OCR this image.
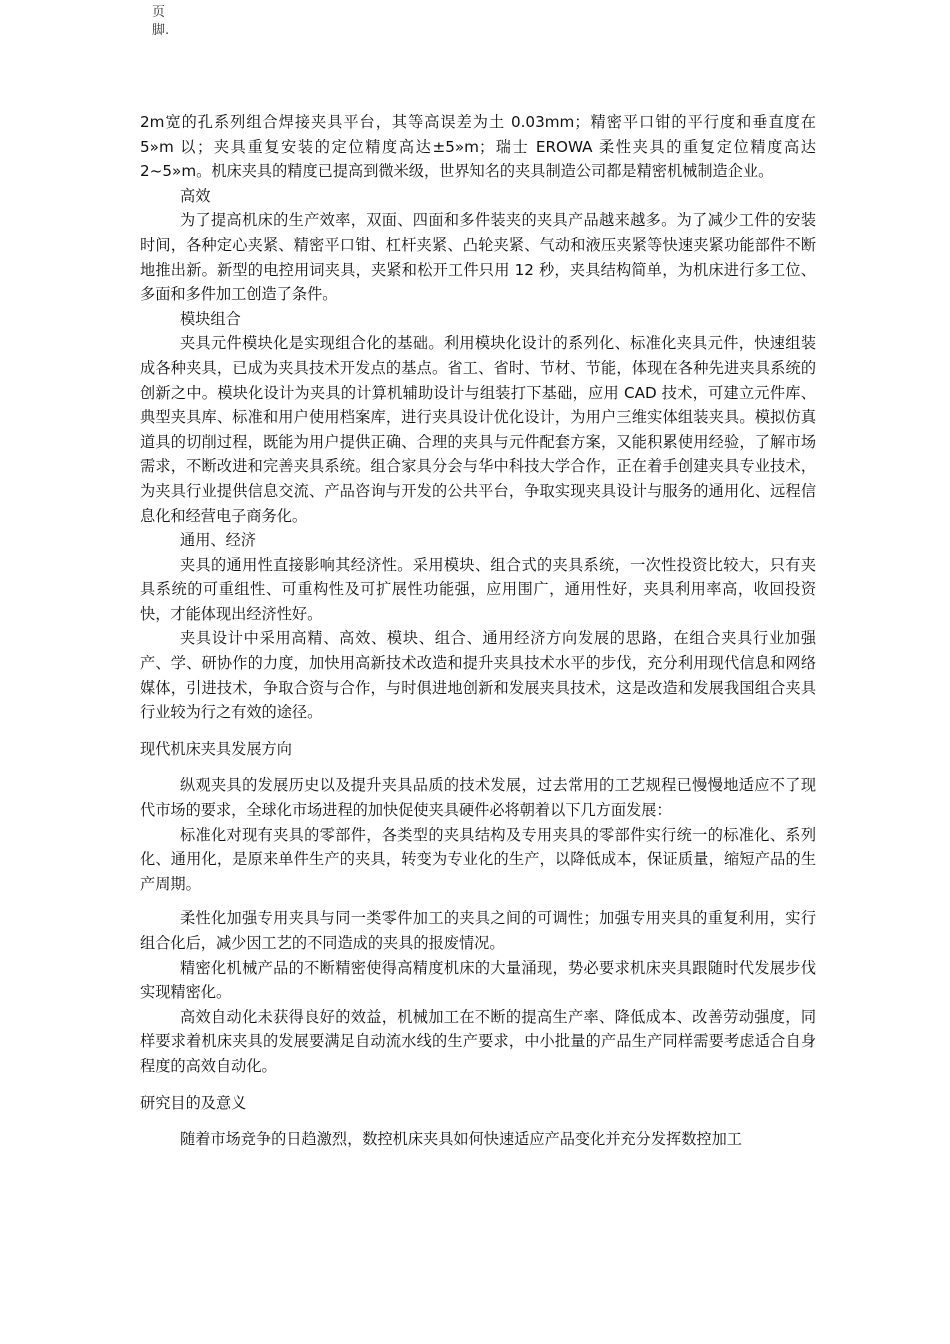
页
脚.

2m宽的孔系列组合焊接夹具平台，其等高误差为土 0.03mm；精密平口钳的平行度和垂直度在 5»m 以；夹具重复安装的定位精度高达±5»m；瑞士 EROWA 柔性夹具的重复定位精度高达 2~5»m。机床夹具的精度已提高到微米级，世界知名的夹具制造公司都是精密机械制造企业。

高效

为了提高机床的生产效率，双面、四面和多件装夹的夹具产品越来越多。为了减少工件的安装时间，各种定心夹紧、精密平口钳、杠杆夹紧、凸轮夹紧、气动和液压夹紧等快速夹紧功能部件不断地推出新。新型的电控用词夹具，夹紧和松开工件只用 12 秒，夹具结构简单，为机床进行多工位、多面和多件加工创造了条件。

模块组合

夹具元件模块化是实现组合化的基础。利用模块化设计的系列化、标准化夹具元件，快速组装成各种夹具，已成为夹具技术开发点的基点。省工、省时、节材、节能，体现在各种先进夹具系统的创新之中。模块化设计为夹具的计算机辅助设计与组装打下基础，应用 CAD 技术，可建立元件库、典型夹具库、标准和用户使用档案库，进行夹具设计优化设计，为用户三维实体组装夹具。模拟仿真道具的切削过程，既能为用户提供正确、合理的夹具与元件配套方案，又能积累使用经验，了解市场需求，不断改进和完善夹具系统。组合家具分会与华中科技大学合作，正在着手创建夹具专业技术，为夹具行业提供信息交流、产品咨询与开发的公共平台，争取实现夹具设计与服务的通用化、远程信息化和经营电子商务化。

通用、经济

夹具的通用性直接影响其经济性。采用模块、组合式的夹具系统，一次性投资比较大，只有夹具系统的可重组性、可重构性及可扩展性功能强，应用围广，通用性好，夹具利用率高，收回投资快，才能体现出经济性好。

夹具设计中采用高精、高效、模块、组合、通用经济方向发展的思路，在组合夹具行业加强产、学、研协作的力度，加快用高新技术改造和提升夹具技术水平的步伐，充分利用现代信息和网络媒体，引进技术，争取合资与合作，与时俱进地创新和发展夹具技术，这是改造和发展我国组合夹具行业较为行之有效的途径。

现代机床夹具发展方向

纵观夹具的发展历史以及提升夹具品质的技术发展，过去常用的工艺规程已慢慢地适应不了现代市场的要求，全球化市场进程的加快促使夹具硬件必将朝着以下几方面发展：

标准化对现有夹具的零部件，各类型的夹具结构及专用夹具的零部件实行统一的标准化、系列化、通用化，是原来单件生产的夹具，转变为专业化的生产，以降低成本，保证质量，缩短产品的生产周期。

柔性化加强专用夹具与同一类零件加工的夹具之间的可调性；加强专用夹具的重复利用，实行组合化后，减少因工艺的不同造成的夹具的报废情况。

精密化机械产品的不断精密使得高精度机床的大量涌现，势必要求机床夹具跟随时代发展步伐实现精密化。

高效自动化未获得良好的效益，机械加工在不断的提高生产率、降低成本、改善劳动强度，同样要求着机床夹具的发展要满足自动流水线的生产要求，中小批量的产品生产同样需要考虑适合自身程度的高效自动化。

研究目的及意义

随着市场竞争的日趋激烈，数控机床夹具如何快速适应产品变化并充分发挥数控加工
